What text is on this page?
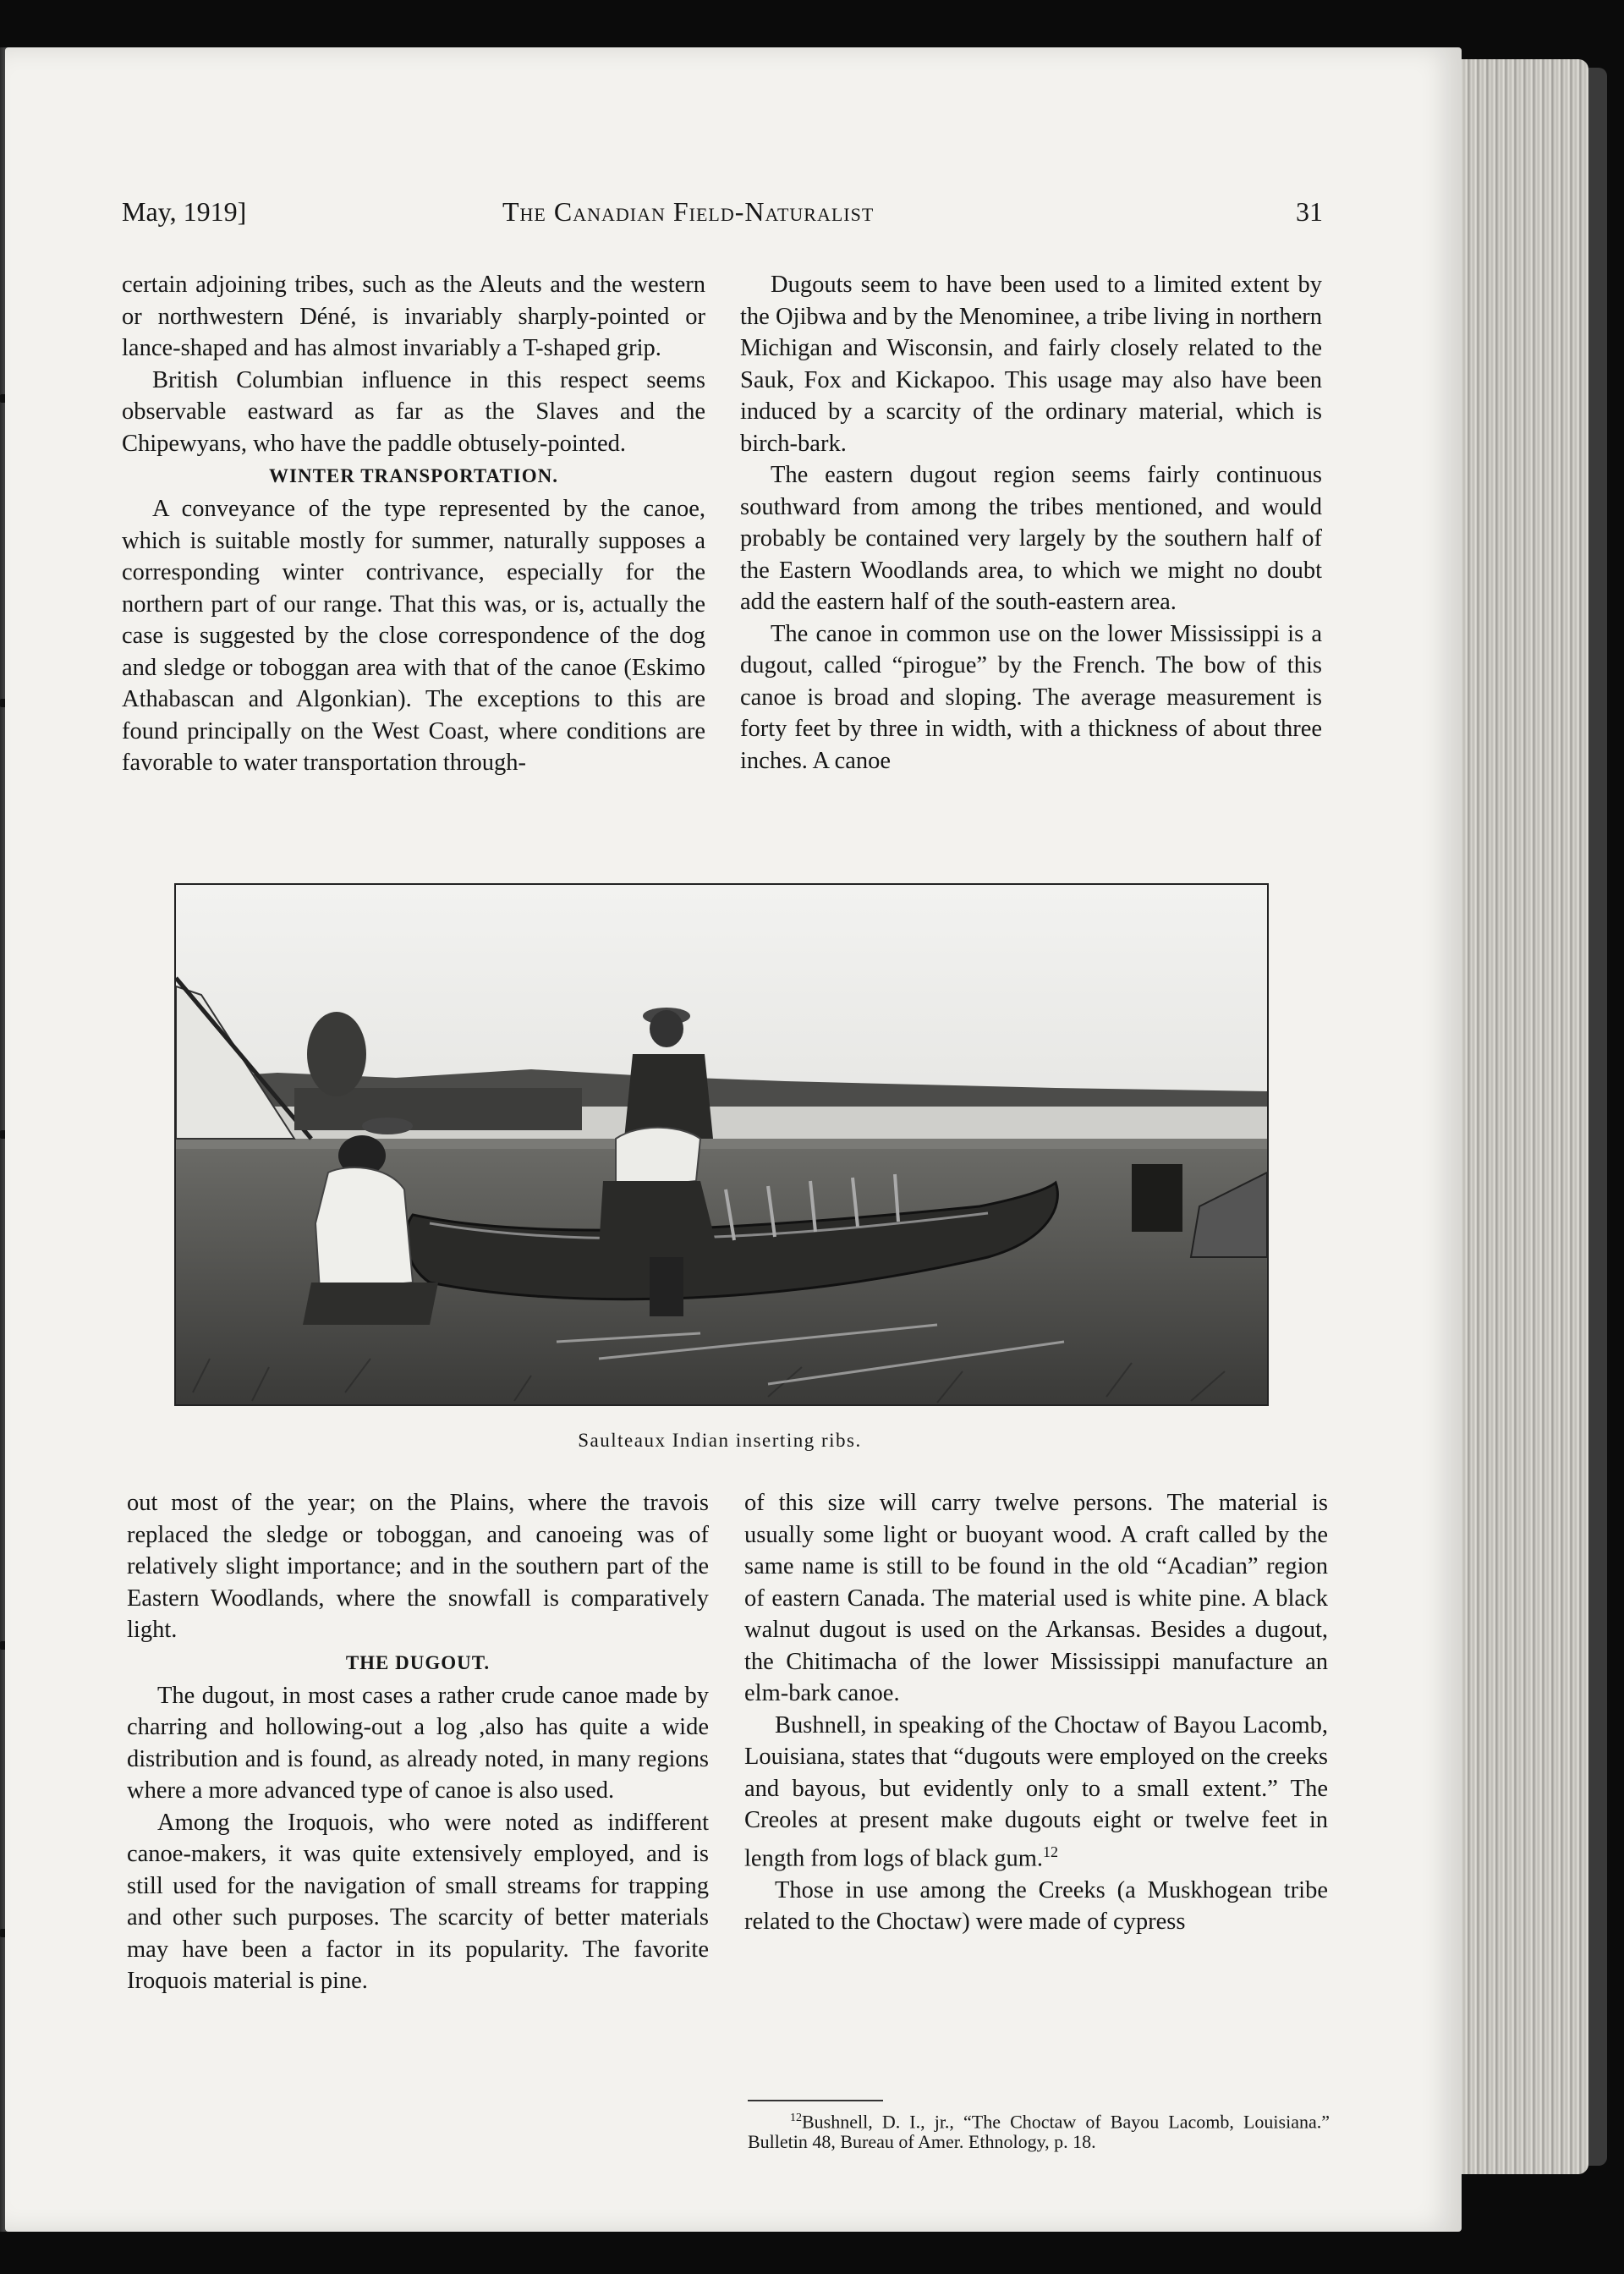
May, 1919]	The Canadian Field-Naturalist	31

certain adjoining tribes, such as the Aleuts and the western or northwestern Déné, is invariably sharply-pointed or lance-shaped and has almost invariably a T-shaped grip.

British Columbian influence in this respect seems observable eastward as far as the Slaves and the Chipewyans, who have the paddle obtusely-pointed.

WINTER TRANSPORTATION.

A conveyance of the type represented by the canoe, which is suitable mostly for summer, naturally supposes a corresponding winter contrivance, especially for the northern part of our range. That this was, or is, actually the case is suggested by the close correspondence of the dog and sledge or toboggan area with that of the canoe (Eskimo Athabascan and Algonkian). The exceptions to this are found principally on the West Coast, where conditions are favorable to water transportation through-

Dugouts seem to have been used to a limited extent by the Ojibwa and by the Menominee, a tribe living in northern Michigan and Wisconsin, and fairly closely related to the Sauk, Fox and Kickapoo. This usage may also have been induced by a scarcity of the ordinary material, which is birch-bark.

The eastern dugout region seems fairly continuous southward from among the tribes mentioned, and would probably be contained very largely by the southern half of the Eastern Woodlands area, to which we might no doubt add the eastern half of the south-eastern area.

The canoe in common use on the lower Mississippi is a dugout, called “pirogue” by the French. The bow of this canoe is broad and sloping. The average measurement is forty feet by three in width, with a thickness of about three inches. A canoe

Saulteaux Indian inserting ribs.

out most of the year; on the Plains, where the travois replaced the sledge or toboggan, and canoeing was of relatively slight importance; and in the southern part of the Eastern Woodlands, where the snowfall is comparatively light.

THE DUGOUT.

The dugout, in most cases a rather crude canoe made by charring and hollowing-out a log ,also has quite a wide distribution and is found, as already noted, in many regions where a more advanced type of canoe is also used.

Among the Iroquois, who were noted as indifferent canoe-makers, it was quite extensively employed, and is still used for the navigation of small streams for trapping and other such purposes. The scarcity of better materials may have been a factor in its popularity. The favorite Iroquois material is pine.

of this size will carry twelve persons. The material is usually some light or buoyant wood. A craft called by the same name is still to be found in the old “Acadian” region of eastern Canada. The material used is white pine. A black walnut dugout is used on the Arkansas. Besides a dugout, the Chitimacha of the lower Mississippi manufacture an elm-bark canoe.

Bushnell, in speaking of the Choctaw of Bayou Lacomb, Louisiana, states that “dugouts were employed on the creeks and bayous, but evidently only to a small extent.” The Creoles at present make dugouts eight or twelve feet in length from logs of black gum.$^{12}$

Those in use among the Creeks (a Muskhogean tribe related to the Choctaw) were made of cypress

$^{12}$Bushnell, D. I., jr., “The Choctaw of Bayou Lacomb, Louisiana.” Bulletin 48, Bureau of Amer. Ethnology, p. 18.
